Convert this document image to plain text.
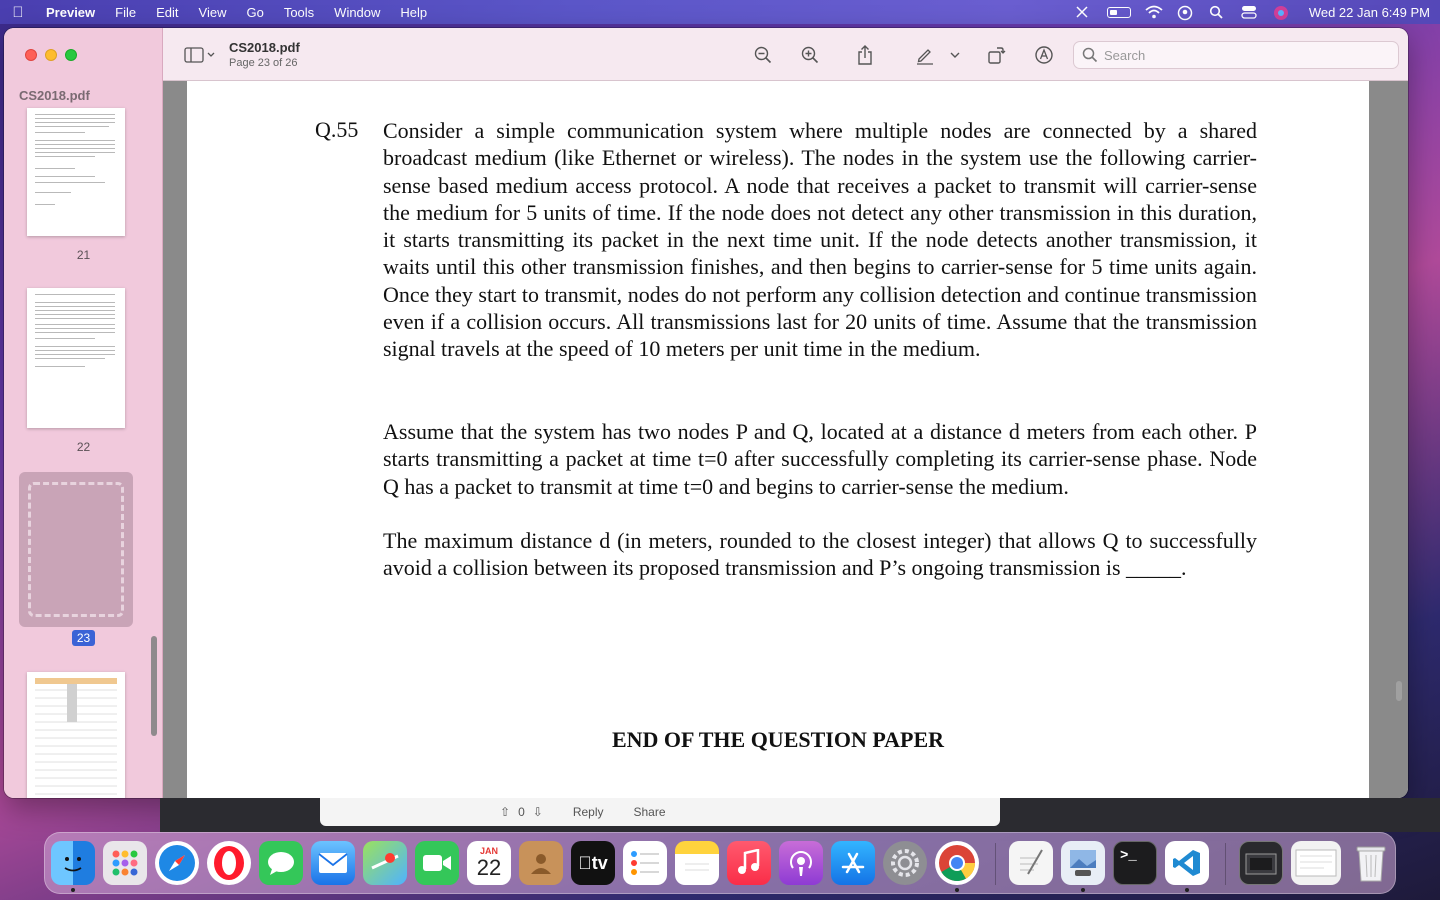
Preview	File	Edit	View	Go	Tools	Window	Help	Wed 22 Jan 6:49 PM
CS2018.pdf
21
22
23
CS2018.pdf
Page 23 of 26
Search
Q.55 Consider a simple communication system where multiple nodes are connected by a shared broadcast medium (like Ethernet or wireless). The nodes in the system use the following carrier-sense based medium access protocol. A node that receives a packet to transmit will carrier-sense the medium for 5 units of time. If the node does not detect any other transmission in this duration, it starts transmitting its packet in the next time unit. If the node detects another transmission, it waits until this other transmission finishes, and then begins to carrier-sense for 5 time units again. Once they start to transmit, nodes do not perform any collision detection and continue transmission even if a collision occurs. All transmissions last for 20 units of time. Assume that the transmission signal travels at the speed of 10 meters per unit time in the medium.
Assume that the system has two nodes P and Q, located at a distance d meters from each other. P starts transmitting a packet at time t=0 after successfully completing its carrier-sense phase. Node Q has a packet to transmit at time t=0 and begins to carrier-sense the medium.
The maximum distance d (in meters, rounded to the closest integer) that allows Q to successfully avoid a collision between its proposed transmission and P’s ongoing transmission is _____.
END OF THE QUESTION PAPER
⇧ 0 ⇩	Reply	Share
JAN
22	tv	>_
